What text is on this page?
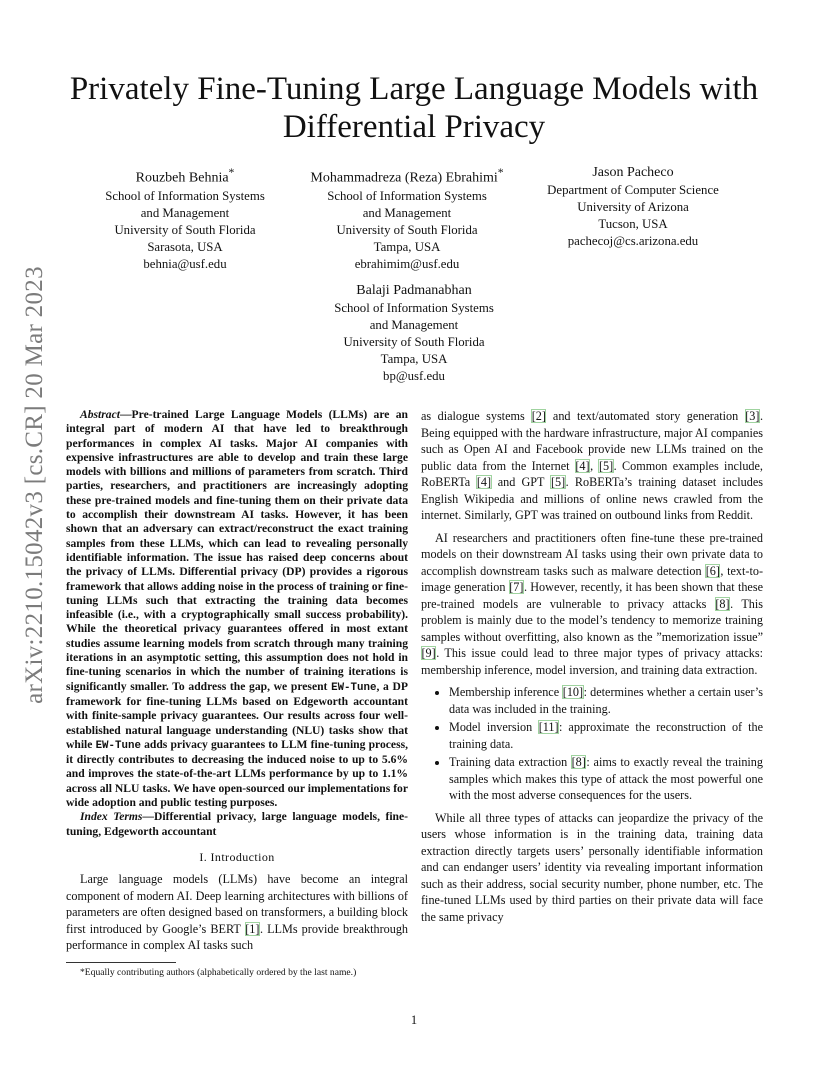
arXiv:2210.15042v3 [cs.CR] 20 Mar 2023
Privately Fine-Tuning Large Language Models with Differential Privacy
Rouzbeh Behnia*
School of Information Systems
and Management
University of South Florida
Sarasota, USA
behnia@usf.edu
Mohammadreza (Reza) Ebrahimi*
School of Information Systems
and Management
University of South Florida
Tampa, USA
ebrahimim@usf.edu
Jason Pacheco
Department of Computer Science
University of Arizona
Tucson, USA
pachecoj@cs.arizona.edu
Balaji Padmanabhan
School of Information Systems
and Management
University of South Florida
Tampa, USA
bp@usf.edu

Abstract—Pre-trained Large Language Models (LLMs) are an integral part of modern AI that have led to breakthrough performances in complex AI tasks. Major AI companies with expensive infrastructures are able to develop and train these large models with billions and millions of parameters from scratch. Third parties, researchers, and practitioners are increasingly adopting these pre-trained models and fine-tuning them on their private data to accomplish their downstream AI tasks. However, it has been shown that an adversary can extract/reconstruct the exact training samples from these LLMs, which can lead to revealing personally identifiable information. The issue has raised deep concerns about the privacy of LLMs. Differential privacy (DP) provides a rigorous framework that allows adding noise in the process of training or fine-tuning LLMs such that extracting the training data becomes infeasible (i.e., with a cryptographically small success probability). While the theoretical privacy guarantees offered in most extant studies assume learning models from scratch through many training iterations in an asymptotic setting, this assumption does not hold in fine-tuning scenarios in which the number of training iterations is significantly smaller. To address the gap, we present EW-Tune, a DP framework for fine-tuning LLMs based on Edgeworth accountant with finite-sample privacy guarantees. Our results across four well-established natural language understanding (NLU) tasks show that while EW-Tune adds privacy guarantees to LLM fine-tuning process, it directly contributes to decreasing the induced noise to up to 5.6% and improves the state-of-the-art LLMs performance by up to 1.1% across all NLU tasks. We have open-sourced our implementations for wide adoption and public testing purposes.

Index Terms—Differential privacy, large language models, fine-tuning, Edgeworth accountant

I. Introduction

Large language models (LLMs) have become an integral component of modern AI. Deep learning architectures with billions of parameters are often designed based on transformers, a building block first introduced by Google’s BERT [1]. LLMs provide breakthrough performance in complex AI tasks such

*Equally contributing authors (alphabetically ordered by the last name.)

as dialogue systems [2] and text/automated story generation [3]. Being equipped with the hardware infrastructure, major AI companies such as Open AI and Facebook provide new LLMs trained on the public data from the Internet [4], [5]. Common examples include, RoBERTa [4] and GPT [5]. RoBERTa’s training dataset includes English Wikipedia and millions of online news crawled from the internet. Similarly, GPT was trained on outbound links from Reddit.

AI researchers and practitioners often fine-tune these pre-trained models on their downstream AI tasks using their own private data to accomplish downstream tasks such as malware detection [6], text-to-image generation [7]. However, recently, it has been shown that these pre-trained models are vulnerable to privacy attacks [8]. This problem is mainly due to the model’s tendency to memorize training samples without overfitting, also known as the ”memorization issue” [9]. This issue could lead to three major types of privacy attacks: membership inference, model inversion, and training data extraction.

• Membership inference [10]: determines whether a certain user’s data was included in the training.
• Model inversion [11]: approximate the reconstruction of the training data.
• Training data extraction [8]: aims to exactly reveal the training samples which makes this type of attack the most powerful one with the most adverse consequences for the users.

While all three types of attacks can jeopardize the privacy of the users whose information is in the training data, training data extraction directly targets users’ personally identifiable information and can endanger users’ identity via revealing important information such as their address, social security number, phone number, etc. The fine-tuned LLMs used by third parties on their private data will face the same privacy

1
